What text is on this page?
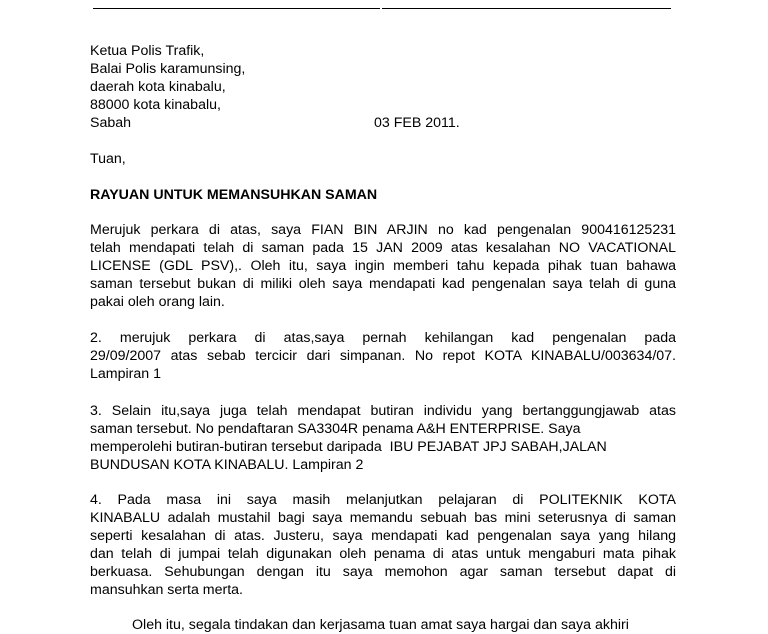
Ketua Polis Trafik,
Balai Polis karamunsing,
daerah kota kinabalu,
88000 kota kinabalu,
Sabah	03 FEB 2011.
Tuan,
RAYUAN UNTUK MEMANSUHKAN SAMAN
Merujuk perkara di atas, saya FIAN BIN ARJIN no kad pengenalan 900416125231
telah mendapati telah di saman pada 15 JAN 2009 atas kesalahan NO VACATIONAL
LICENSE (GDL PSV),. Oleh itu, saya ingin memberi tahu kepada pihak tuan bahawa
saman tersebut bukan di miliki oleh saya mendapati kad pengenalan saya telah di guna
pakai oleh orang lain.
2. merujuk perkara di atas,saya pernah kehilangan kad pengenalan pada
29/09/2007 atas sebab tercicir dari simpanan. No repot KOTA KINABALU/003634/07.
Lampiran 1
3. Selain itu,saya juga telah mendapat butiran individu yang bertanggungjawab atas
saman tersebut. No pendaftaran SA3304R penama A&H ENTERPRISE. Saya
memperolehi butiran-butiran tersebut daripada  IBU PEJABAT JPJ SABAH,JALAN
BUNDUSAN KOTA KINABALU. Lampiran 2
4. Pada masa ini saya masih melanjutkan pelajaran di POLITEKNIK KOTA
KINABALU adalah mustahil bagi saya memandu sebuah bas mini seterusnya di saman
seperti kesalahan di atas. Justeru, saya mendapati kad pengenalan saya yang hilang
dan telah di jumpai telah digunakan oleh penama di atas untuk mengaburi mata pihak
berkuasa. Sehubungan dengan itu saya memohon agar saman tersebut dapat di
mansuhkan serta merta.
Oleh itu, segala tindakan dan kerjasama tuan amat saya hargai dan saya akhiri
